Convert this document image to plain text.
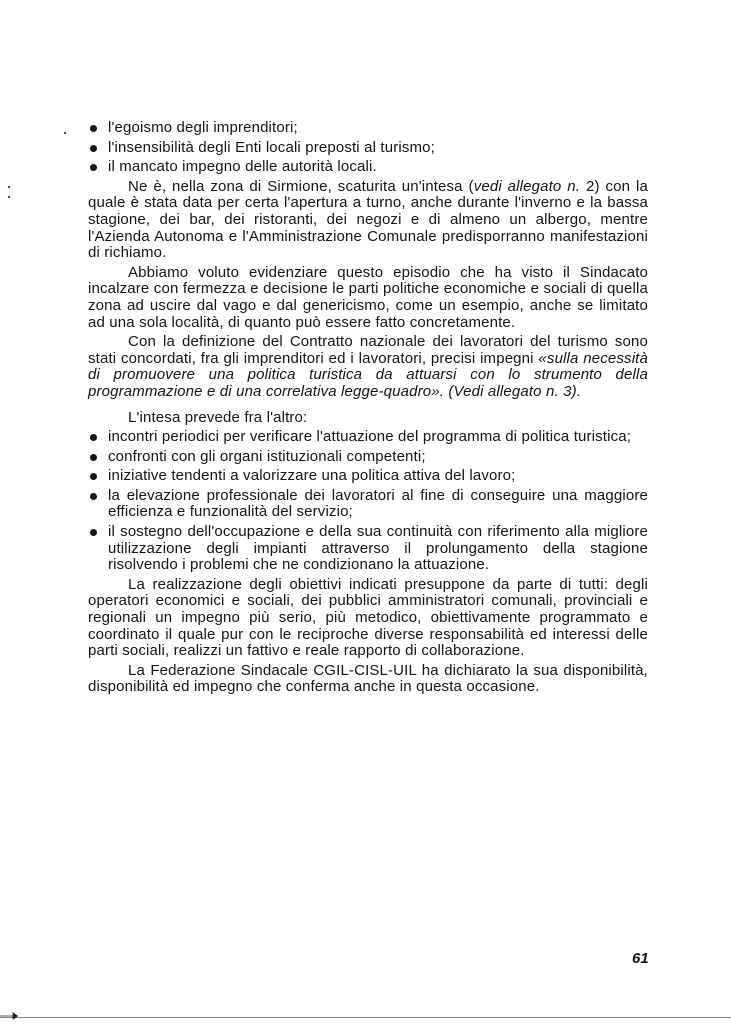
l'egoismo degli imprenditori;
l'insensibilità degli Enti locali preposti al turismo;
il mancato impegno delle autorità locali.

Ne è, nella zona di Sirmione, scaturita un'intesa (vedi allegato n. 2) con la quale è stata data per certa l'apertura a turno, anche durante l'inverno e la bassa stagione, dei bar, dei ristoranti, dei negozi e di almeno un albergo, mentre l'Azienda Autonoma e l'Amministrazione Comunale predisporranno manifestazioni di richiamo.

Abbiamo voluto evidenziare questo episodio che ha visto il Sindacato incalzare con fermezza e decisione le parti politiche economiche e sociali di quella zona ad uscire dal vago e dal genericismo, come un esempio, anche se limitato ad una sola località, di quanto può essere fatto concretamente.

Con la definizione del Contratto nazionale dei lavoratori del turismo sono stati concordati, fra gli imprenditori ed i lavoratori, precisi impegni «sulla necessità di promuovere una politica turistica da attuarsi con lo strumento della programmazione e di una correlativa legge-quadro». (Vedi allegato n. 3).

L'intesa prevede fra l'altro:

incontri periodici per verificare l'attuazione del programma di politica turistica;
confronti con gli organi istituzionali competenti;
iniziative tendenti a valorizzare una politica attiva del lavoro;
la elevazione professionale dei lavoratori al fine di conseguire una maggiore efficienza e funzionalità del servizio;
il sostegno dell'occupazione e della sua continuità con riferimento alla migliore utilizzazione degli impianti attraverso il prolungamento della stagione risolvendo i problemi che ne condizionano la attuazione.

La realizzazione degli obiettivi indicati presuppone da parte di tutti: degli operatori economici e sociali, dei pubblici amministratori comunali, provinciali e regionali un impegno più serio, più metodico, obiettivamente programmato e coordinato il quale pur con le reciproche diverse responsabilità ed interessi delle parti sociali, realizzi un fattivo e reale rapporto di collaborazione.

La Federazione Sindacale CGIL-CISL-UIL ha dichiarato la sua disponibilità, disponibilità ed impegno che conferma anche in questa occasione.

61
